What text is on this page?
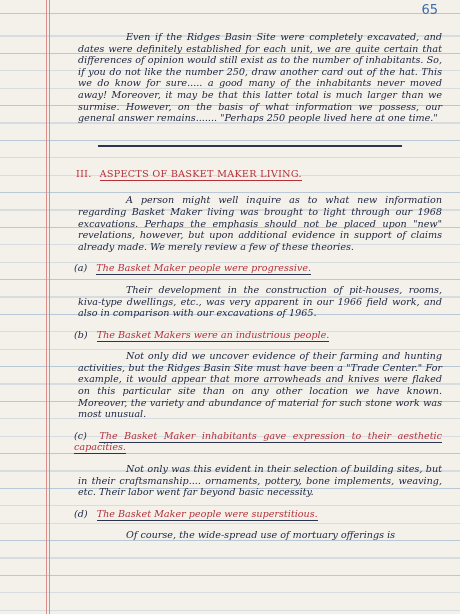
65

Even if the Ridges Basin Site were completely excavated, and dates were definitely established for each unit, we are quite certain that differences of opinion would still exist as to the number of inhabitants. So, if you do not like the number 250, draw another card out of the hat. This we do know for sure..... a good many of the inhabitants never moved away! Moreover, it may be that this latter total is much larger than we surmise. However, on the basis of what information we possess, our general answer remains....... "Perhaps 250 people lived here at one time."

III. ASPECTS OF BASKET MAKER LIVING.

A person might well inquire as to what new information regarding Basket Maker living was brought to light through our 1968 excavations. Perhaps the emphasis should not be placed upon "new" revelations, however, but upon additional evidence in support of claims already made. We merely review a few of these theories.

(a) The Basket Maker people were progressive.

Their development in the construction of pit-houses, rooms, kiva-type dwellings, etc., was very apparent in our 1966 field work, and also in comparison with our excavations of 1965.

(b) The Basket Makers were an industrious people.

Not only did we uncover evidence of their farming and hunting activities, but the Ridges Basin Site must have been a "Trade Center." For example, it would appear that more arrowheads and knives were flaked on this particular site than on any other location we have known. Moreover, the variety and abundance of material for such stone work was most unusual.

(c) The Basket Maker inhabitants gave expression to their aesthetic capacities.

Not only was this evident in their selection of building sites, but in their craftsmanship.... ornaments, pottery, bone implements, weaving, etc. Their labor went far beyond basic necessity.

(d) The Basket Maker people were superstitious.

Of course, the wide-spread use of mortuary offerings is
